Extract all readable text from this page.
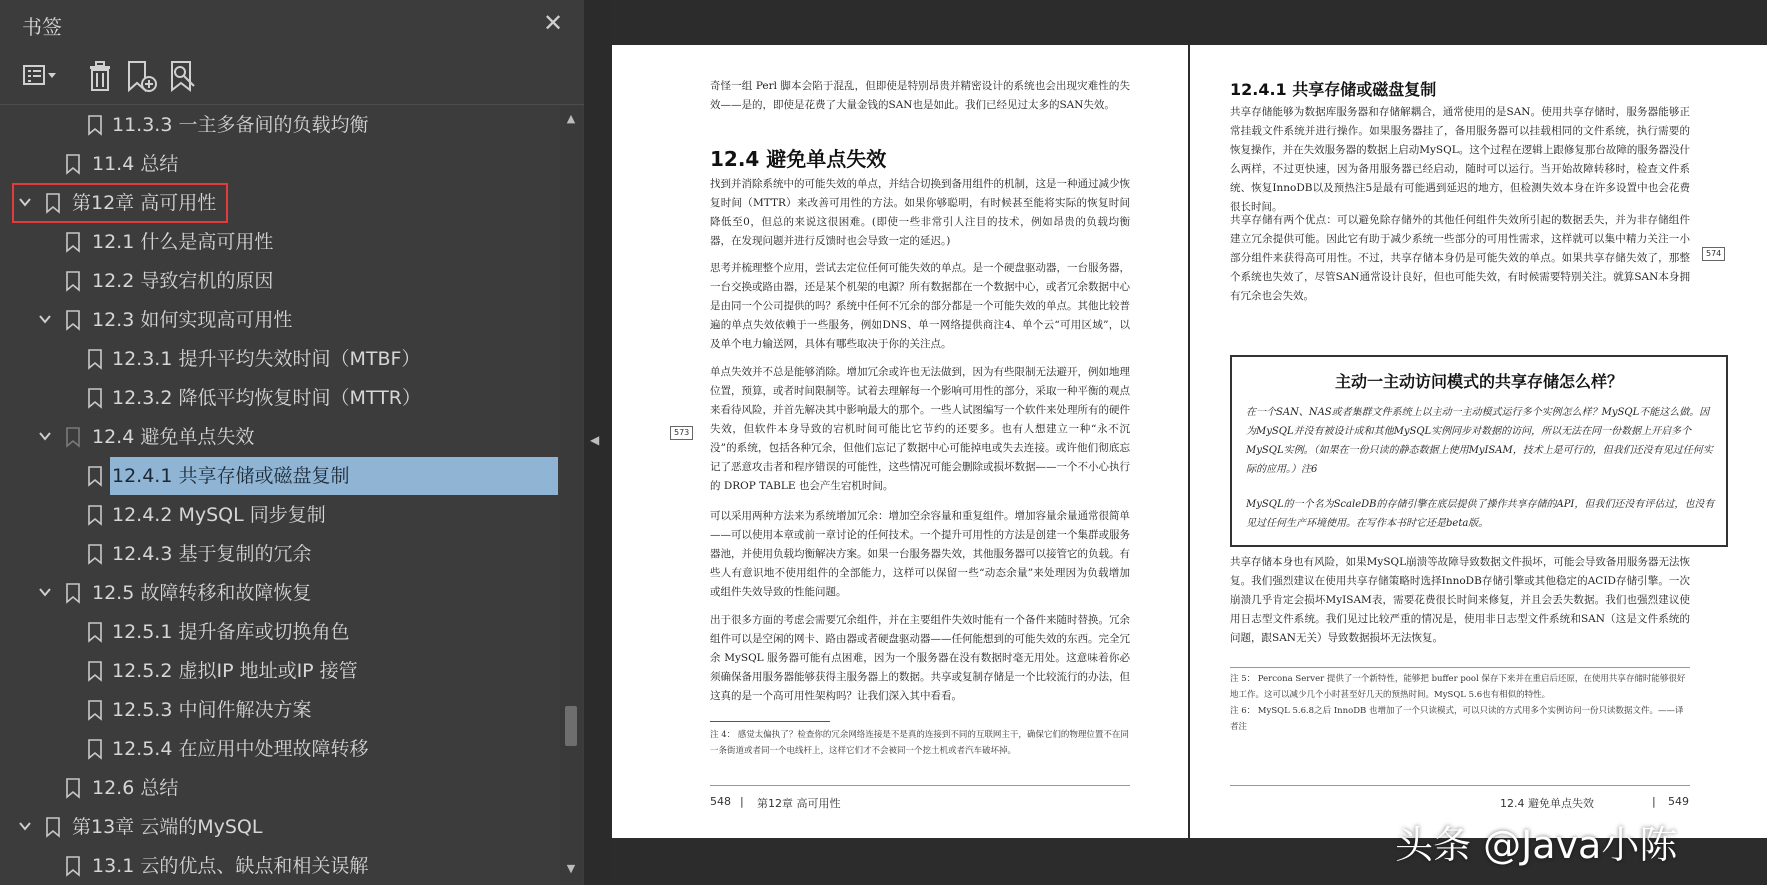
书签	✕
11.3.3 一主多备间的负载均衡
11.4 总结
第12章 高可用性
12.1 什么是高可用性
12.2 导致宕机的原因
12.3 如何实现高可用性
12.3.1 提升平均失效时间（MTBF）
12.3.2 降低平均恢复时间（MTTR）
12.4 避免单点失效
12.4.1 共享存储或磁盘复制
12.4.2 MySQL 同步复制
12.4.3 基于复制的冗余
12.5 故障转移和故障恢复
12.5.1 提升备库或切换角色
12.5.2 虚拟IP 地址或IP 接管
12.5.3 中间件解决方案
12.5.4 在应用中处理故障转移
12.6 总结
第13章 云端的MySQL
13.1 云的优点、缺点和相关误解
▲
▼
◀
奇怪一组 Perl 脚本会陷于混乱，但即使是特别昂贵并精密设计的系统也会出现灾难性的失效——是的，即使是花费了大量金钱的SAN也是如此。我们已经见过太多的SAN失效。
12.4 避免单点失效
找到并消除系统中的可能失效的单点，并结合切换到备用组件的机制，这是一种通过减少恢复时间（MTTR）来改善可用性的方法。如果你够聪明，有时候甚至能将实际的恢复时间降低至0，但总的来说这很困难。(即使一些非常引人注目的技术，例如昂贵的负载均衡器，在发现问题并进行反馈时也会导致一定的延迟。)
思考并梳理整个应用，尝试去定位任何可能失效的单点。是一个硬盘驱动器，一台服务器，一台交换或路由器，还是某个机架的电源？所有数据都在一个数据中心，或者冗余数据中心是由同一个公司提供的吗？系统中任何不冗余的部分都是一个可能失效的单点。其他比较普遍的单点失效依赖于一些服务，例如DNS、单一网络提供商注4、单个云“可用区域”，以及单个电力输送网，具体有哪些取决于你的关注点。
单点失效并不总是能够消除。增加冗余或许也无法做到，因为有些限制无法避开，例如地理位置，预算，或者时间限制等。试着去理解每一个影响可用性的部分，采取一种平衡的观点来看待风险，并首先解决其中影响最大的那个。一些人试图编写一个软件来处理所有的硬件失效，但软件本身导致的宕机时间可能比它节约的还要多。也有人想建立一种“永不沉没”的系统，包括各种冗余，但他们忘记了数据中心可能掉电或失去连接。或许他们彻底忘记了恶意攻击者和程序错误的可能性，这些情况可能会删除或损坏数据——一个不小心执行的 DROP TABLE 也会产生宕机时间。
可以采用两种方法来为系统增加冗余：增加空余容量和重复组件。增加容量余量通常很简单——可以使用本章或前一章讨论的任何技术。一个提升可用性的方法是创建一个集群或服务器池，并使用负载均衡解决方案。如果一台服务器失效，其他服务器可以接管它的负载。有些人有意识地不使用组件的全部能力，这样可以保留一些“动态余量”来处理因为负载增加或组件失效导致的性能问题。
出于很多方面的考虑会需要冗余组件，并在主要组件失效时能有一个备件来随时替换。冗余组件可以是空闲的网卡、路由器或者硬盘驱动器——任何能想到的可能失效的东西。完全冗余 MySQL 服务器可能有点困难，因为一个服务器在没有数据时毫无用处。这意味着你必须确保备用服务器能够获得主服务器上的数据。共享或复制存储是一个比较流行的办法，但这真的是一个高可用性架构吗？让我们深入其中看看。
注 4： 感觉太偏执了？检查你的冗余网络连接是不是真的连接到不同的互联网主干，确保它们的物理位置不在同一条街道或者同一个电线杆上，这样它们才不会被同一个挖土机或者汽车破坏掉。
573
548 | 第12章 高可用性
12.4.1 共享存储或磁盘复制
共享存储能够为数据库服务器和存储解耦合，通常使用的是SAN。使用共享存储时，服务器能够正常挂载文件系统并进行操作。如果服务器挂了，备用服务器可以挂载相同的文件系统，执行需要的恢复操作，并在失效服务器的数据上启动MySQL。这个过程在逻辑上跟修复那台故障的服务器没什么两样，不过更快速，因为备用服务器已经启动，随时可以运行。当开始故障转移时，检查文件系统、恢复InnoDB以及预热注5是最有可能遇到延迟的地方，但检测失效本身在许多设置中也会花费很长时间。
共享存储有两个优点：可以避免除存储外的其他任何组件失效所引起的数据丢失，并为非存储组件建立冗余提供可能。因此它有助于减少系统一些部分的可用性需求，这样就可以集中精力关注一小部分组件来获得高可用性。不过，共享存储本身仍是可能失效的单点。如果共享存储失效了，那整个系统也失效了，尽管SAN通常设计良好，但也可能失效，有时候需要特别关注。就算SAN本身拥有冗余也会失效。
574
主动一主动访问模式的共享存储怎么样？
在一个SAN、NAS或者集群文件系统上以主动一主动模式运行多个实例怎么样？MySQL不能这么做。因为MySQL并没有被设计成和其他MySQL实例同步对数据的访问，所以无法在同一份数据上开启多个MySQL实例。（如果在一份只读的静态数据上使用MyISAM，技术上是可行的，但我们还没有见过任何实际的应用。）注6
MySQL的一个名为ScaleDB的存储引擎在底层提供了操作共享存储的API，但我们还没有评估过，也没有见过任何生产环境使用。在写作本书时它还是beta版。
共享存储本身也有风险，如果MySQL崩溃等故障导致数据文件损坏，可能会导致备用服务器无法恢复。我们强烈建议在使用共享存储策略时选择InnoDB存储引擎或其他稳定的ACID存储引擎。一次崩溃几乎肯定会损坏MyISAM表，需要花费很长时间来修复，并且会丢失数据。我们也强烈建议使用日志型文件系统。我们见过比较严重的情况是，使用非日志型文件系统和SAN（这是文件系统的问题，跟SAN无关）导致数据损坏无法恢复。
注 5： Percona Server 提供了一个新特性，能够把 buffer pool 保存下来并在重启后还原，在使用共享存储时能够很好地工作。这可以减少几个小时甚至好几天的预热时间。MySQL 5.6也有相似的特性。
注 6： MySQL 5.6.8之后 InnoDB 也增加了一个只读模式，可以只读的方式用多个实例访问一份只读数据文件。——译者注
12.4 避免单点失效	| 549
头条 @Java小陈
